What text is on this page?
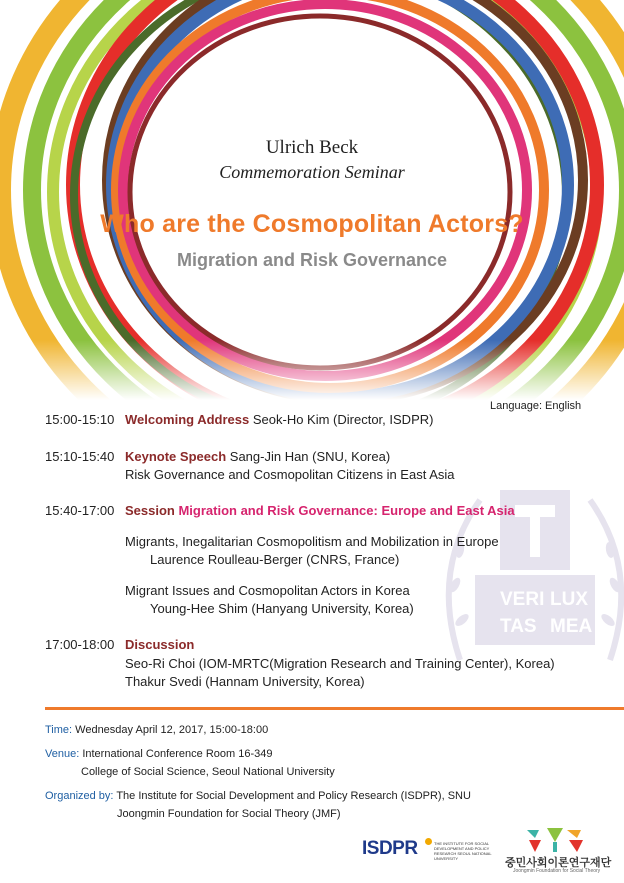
VERI LUX
TAS MEA
Ulrich Beck
Commemoration Seminar
Who are the Cosmopolitan Actors?
Migration and Risk Governance
Language: English
15:00-15:10 Welcoming Address Seok-Ho Kim (Director, ISDPR)
15:10-15:40 Keynote Speech Sang-Jin Han (SNU, Korea)
Risk Governance and Cosmopolitan Citizens in East Asia
15:40-17:00 Session Migration and Risk Governance: Europe and East Asia
Migrants, Inegalitarian Cosmopolitism and Mobilization in Europe
Laurence Roulleau-Berger (CNRS, France)
Migrant Issues and Cosmopolitan Actors in Korea
Young-Hee Shim (Hanyang University, Korea)
17:00-18:00 Discussion
Seo-Ri Choi (IOM-MRTC(Migration Research and Training Center), Korea)
Thakur Svedi (Hannam University, Korea)
Time: Wednesday April 12, 2017, 15:00-18:00
Venue: International Conference Room 16-349
College of Social Science, Seoul National University
Organized by: The Institute for Social Development and Policy Research (ISDPR), SNU
Joongmin Foundation for Social Theory (JMF)
ISDPR	THE INSTITUTE FOR SOCIAL DEVELOPMENT AND POLICY RESEARCH SEOUL NATIONAL UNIVERSITY	중민사회이론연구재단
Joongmin Foundation for Social Theory
